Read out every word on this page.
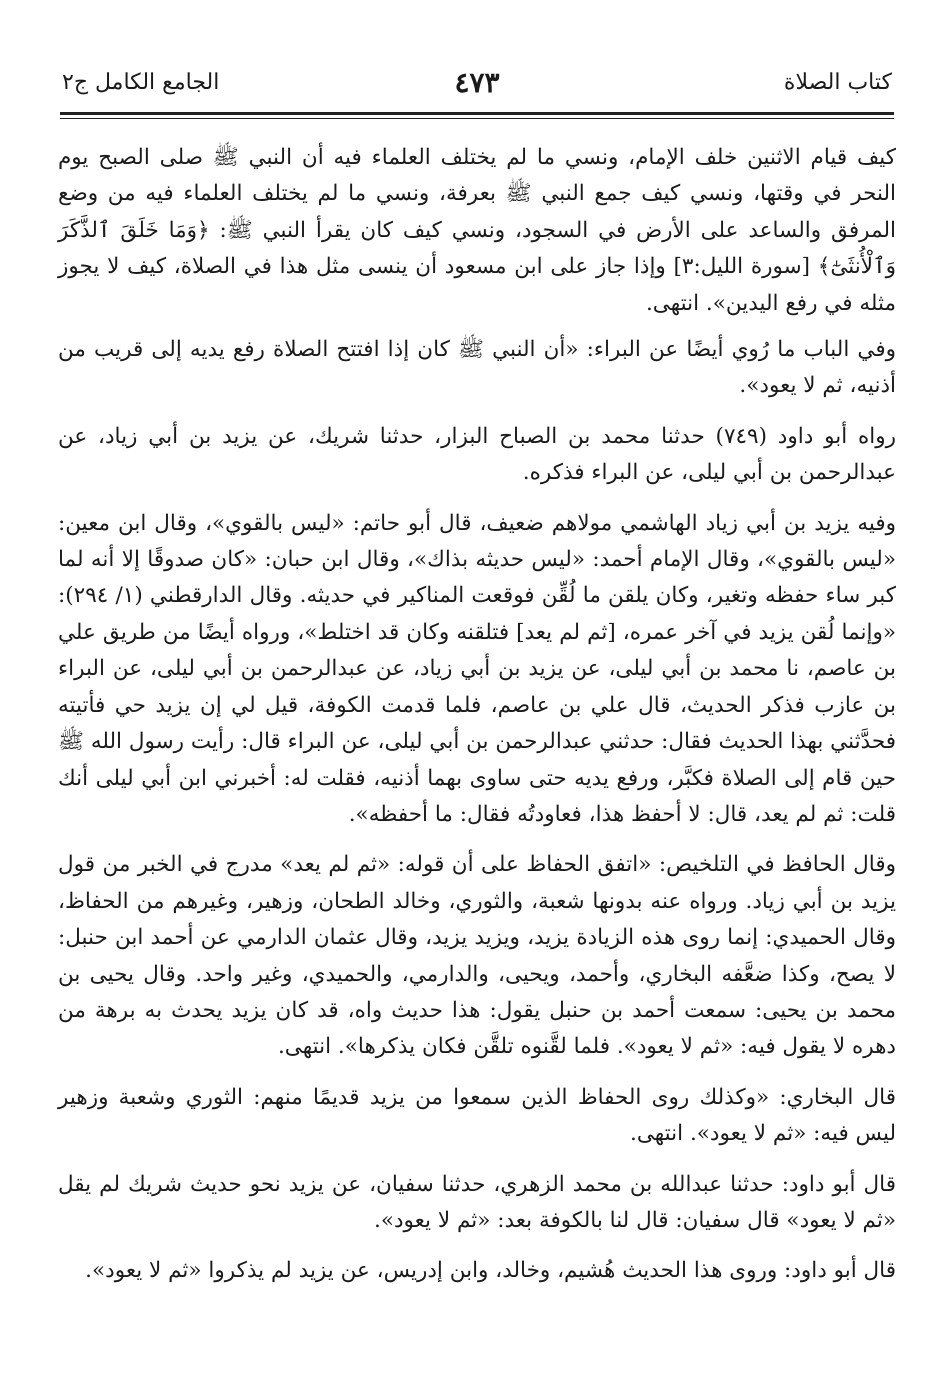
كتاب الصلاة
٤٧٣
الجامع الكامل ج٢

كيف قيام الاثنين خلف الإمام، ونسي ما لم يختلف العلماء فيه أن النبي ﷺ صلى الصبح يوم النحر في وقتها، ونسي كيف جمع النبي ﷺ بعرفة، ونسي ما لم يختلف العلماء فيه من وضع المرفق والساعد على الأرض في السجود، ونسي كيف كان يقرأ النبي ﷺ: ﴿وَمَا خَلَقَ ٱلذَّكَرَ وَٱلْأُنثَىٰٓ﴾ [سورة الليل:٣] وإذا جاز على ابن مسعود أن ينسى مثل هذا في الصلاة، كيف لا يجوز مثله في رفع اليدين». انتهى.

وفي الباب ما رُوي أيضًا عن البراء: «أن النبي ﷺ كان إذا افتتح الصلاة رفع يديه إلى قريب من أذنيه، ثم لا يعود».

رواه أبو داود (٧٤٩) حدثنا محمد بن الصباح البزار، حدثنا شريك، عن يزيد بن أبي زياد، عن عبدالرحمن بن أبي ليلى، عن البراء فذكره.

وفيه يزيد بن أبي زياد الهاشمي مولاهم ضعيف، قال أبو حاتم: «ليس بالقوي»، وقال ابن معين: «ليس بالقوي»، وقال الإمام أحمد: «ليس حديثه بذاك»، وقال ابن حبان: «كان صدوقًا إلا أنه لما كبر ساء حفظه وتغير، وكان يلقن ما لُقِّن فوقعت المناكير في حديثه. وقال الدارقطني (١/ ٢٩٤): «وإنما لُقن يزيد في آخر عمره، [ثم لم يعد] فتلقنه وكان قد اختلط»، ورواه أيضًا من طريق علي بن عاصم، نا محمد بن أبي ليلى، عن يزيد بن أبي زياد، عن عبدالرحمن بن أبي ليلى، عن البراء بن عازب فذكر الحديث، قال علي بن عاصم، فلما قدمت الكوفة، قيل لي إن يزيد حي فأتيته فحدَّثني بهذا الحديث فقال: حدثني عبدالرحمن بن أبي ليلى، عن البراء قال: رأيت رسول الله ﷺ حين قام إلى الصلاة فكبَّر، ورفع يديه حتى ساوى بهما أذنيه، فقلت له: أخبرني ابن أبي ليلى أنك قلت: ثم لم يعد، قال: لا أحفظ هذا، فعاودتُه فقال: ما أحفظه».

وقال الحافظ في التلخيص: «اتفق الحفاظ على أن قوله: «ثم لم يعد» مدرج في الخبر من قول يزيد بن أبي زياد. ورواه عنه بدونها شعبة، والثوري، وخالد الطحان، وزهير، وغيرهم من الحفاظ، وقال الحميدي: إنما روى هذه الزيادة يزيد، ويزيد يزيد، وقال عثمان الدارمي عن أحمد ابن حنبل: لا يصح، وكذا ضعَّفه البخاري، وأحمد، ويحيى، والدارمي، والحميدي، وغير واحد. وقال يحيى بن محمد بن يحيى: سمعت أحمد بن حنبل يقول: هذا حديث واه، قد كان يزيد يحدث به برهة من دهره لا يقول فيه: «ثم لا يعود». فلما لقَّنوه تلقَّن فكان يذكرها». انتهى.

قال البخاري: «وكذلك روى الحفاظ الذين سمعوا من يزيد قديمًا منهم: الثوري وشعبة وزهير ليس فيه: «ثم لا يعود». انتهى.

قال أبو داود: حدثنا عبدالله بن محمد الزهري، حدثنا سفيان، عن يزيد نحو حديث شريك لم يقل «ثم لا يعود» قال سفيان: قال لنا بالكوفة بعد: «ثم لا يعود».

قال أبو داود: وروى هذا الحديث هُشيم، وخالد، وابن إدريس، عن يزيد لم يذكروا «ثم لا يعود».
